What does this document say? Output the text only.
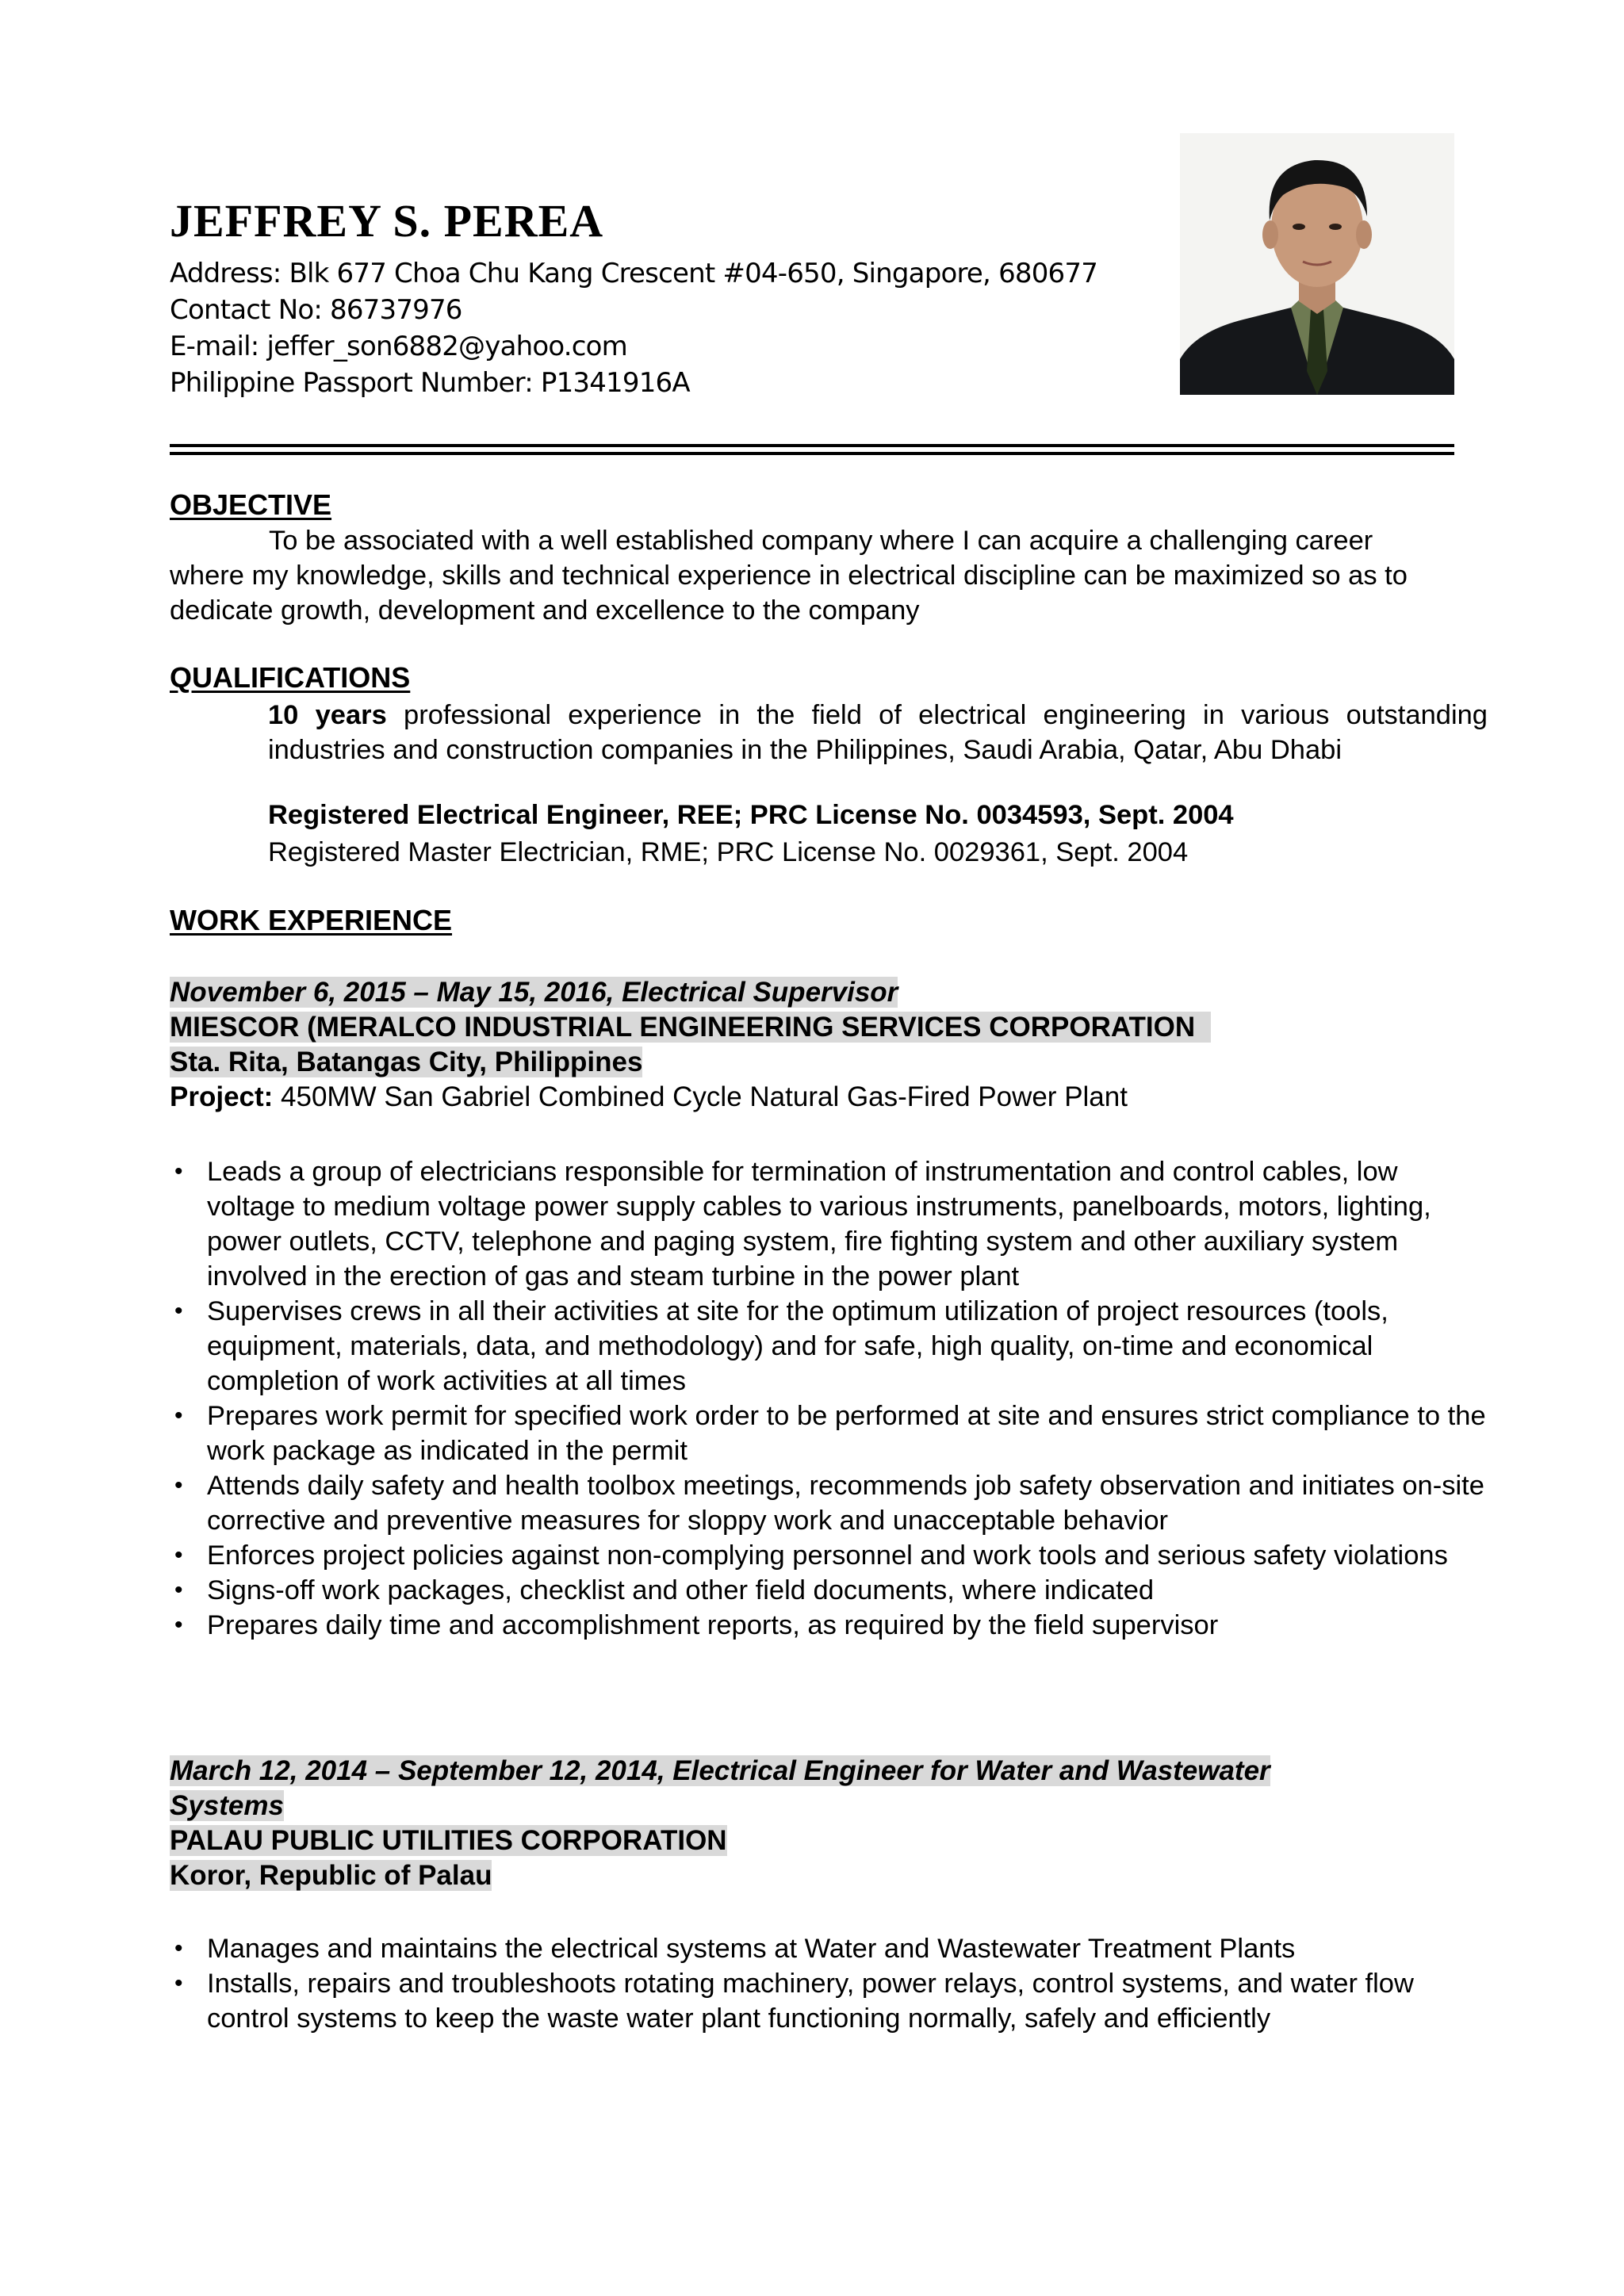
JEFFREY S. PEREA
Address: Blk 677 Choa Chu Kang Crescent #04-650, Singapore, 680677
Contact No: 86737976
E-mail: jeffer_son6882@yahoo.com
Philippine Passport Number: P1341916A
OBJECTIVE

To be associated with a well established company where I can acquire a challenging career where my knowledge, skills and technical experience in electrical discipline can be maximized so as to dedicate growth, development and excellence to the company

QUALIFICATIONS

10 years professional experience in the field of electrical engineering in various outstanding industries and construction companies in the Philippines, Saudi Arabia, Qatar, Abu Dhabi

Registered Electrical Engineer, REE; PRC License No. 0034593, Sept. 2004

Registered Master Electrician, RME; PRC License No. 0029361, Sept. 2004

WORK EXPERIENCE
November 6, 2015 – May 15, 2016, Electrical Supervisor
MIESCOR (MERALCO INDUSTRIAL ENGINEERING SERVICES CORPORATION
Sta. Rita, Batangas City, Philippines
Project: 450MW San Gabriel Combined Cycle Natural Gas-Fired Power Plant
• Leads a group of electricians responsible for termination of instrumentation and control cables, low voltage to medium voltage power supply cables to various instruments, panelboards, motors, lighting, power outlets, CCTV, telephone and paging system, fire fighting system and other auxiliary system involved in the erection of gas and steam turbine in the power plant
• Supervises crews in all their activities at site for the optimum utilization of project resources (tools, equipment, materials, data, and methodology) and for safe, high quality, on-time and economical completion of work activities at all times
• Prepares work permit for specified work order to be performed at site and ensures strict compliance to the work package as indicated in the permit
• Attends daily safety and health toolbox meetings, recommends job safety observation and initiates on-site corrective and preventive measures for sloppy work and unacceptable behavior
• Enforces project policies against non-complying personnel and work tools and serious safety violations
• Signs-off work packages, checklist and other field documents, where indicated
• Prepares daily time and accomplishment reports, as required by the field supervisor
March 12, 2014 – September 12, 2014, Electrical Engineer for Water and Wastewater
Systems
PALAU PUBLIC UTILITIES CORPORATION
Koror, Republic of Palau
• Manages and maintains the electrical systems at Water and Wastewater Treatment Plants
• Installs, repairs and troubleshoots rotating machinery, power relays, control systems, and water flow control systems to keep the waste water plant functioning normally, safely and efficiently
